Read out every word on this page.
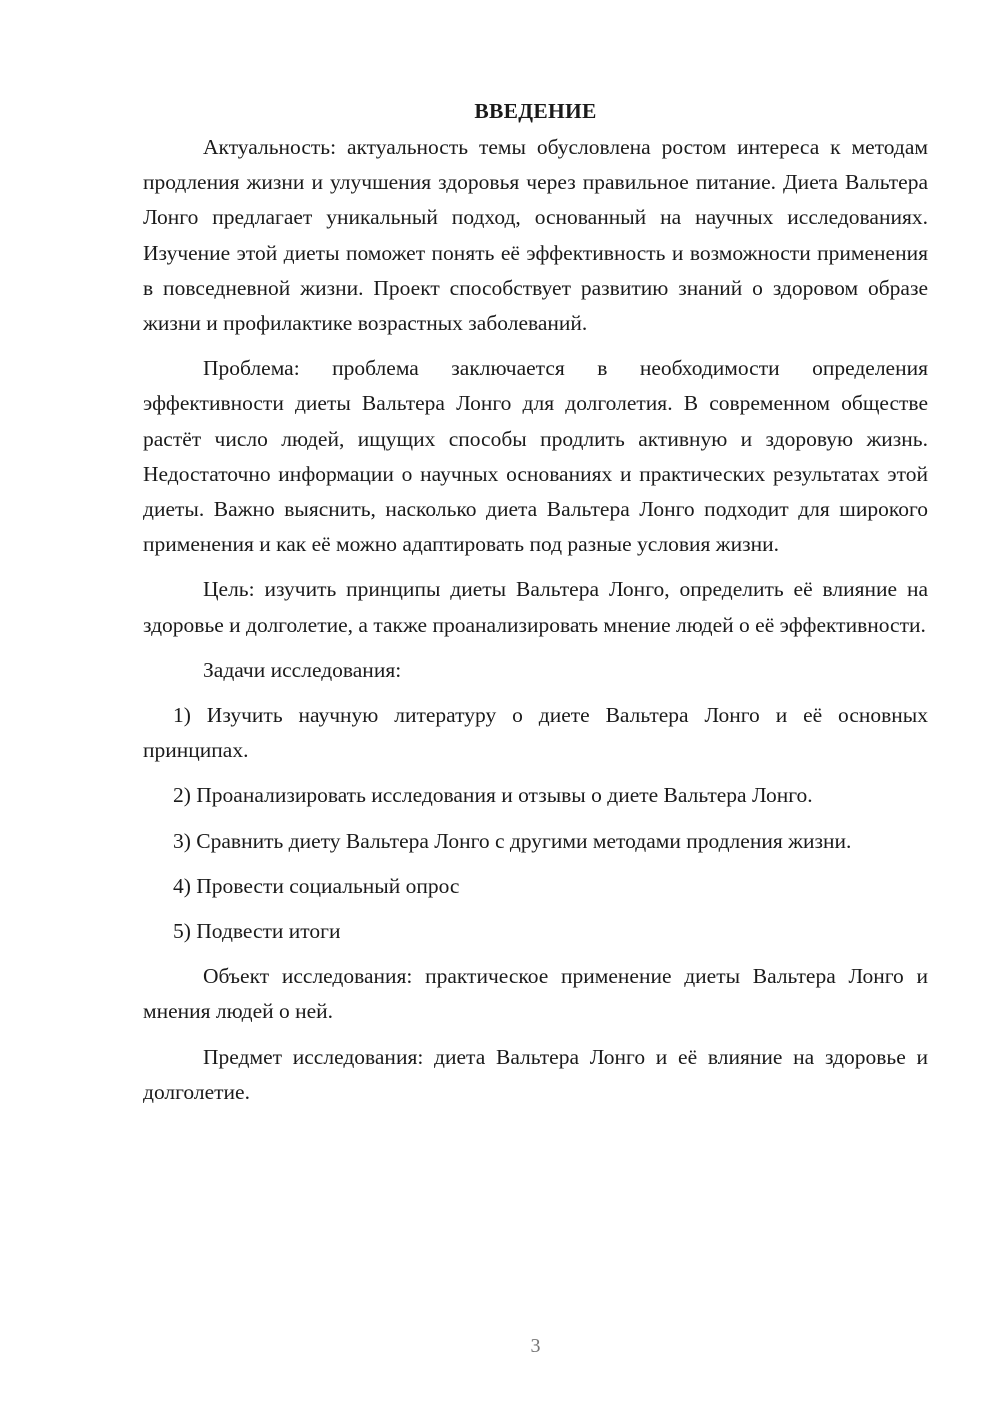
ВВЕДЕНИЕ

Актуальность: актуальность темы обусловлена ростом интереса к методам продления жизни и улучшения здоровья через правильное питание. Диета Вальтера Лонго предлагает уникальный подход, основанный на научных исследованиях. Изучение этой диеты поможет понять её эффективность и возможности применения в повседневной жизни. Проект способствует развитию знаний о здоровом образе жизни и профилактике возрастных заболеваний.

Проблема: проблема заключается в необходимости определения эффективности диеты Вальтера Лонго для долголетия. В современном обществе растёт число людей, ищущих способы продлить активную и здоровую жизнь. Недостаточно информации о научных основаниях и практических результатах этой диеты. Важно выяснить, насколько диета Вальтера Лонго подходит для широкого применения и как её можно адаптировать под разные условия жизни.

Цель: изучить принципы диеты Вальтера Лонго, определить её влияние на здоровье и долголетие, а также проанализировать мнение людей о её эффективности.

Задачи исследования:

1) Изучить научную литературу о диете Вальтера Лонго и её основных принципах.

2) Проанализировать исследования и отзывы о диете Вальтера Лонго.

3) Сравнить диету Вальтера Лонго с другими методами продления жизни.

4) Провести социальный опрос

5) Подвести итоги

Объект исследования: практическое применение диеты Вальтера Лонго и мнения людей о ней.

Предмет исследования: диета Вальтера Лонго и её влияние на здоровье и долголетие.

3
